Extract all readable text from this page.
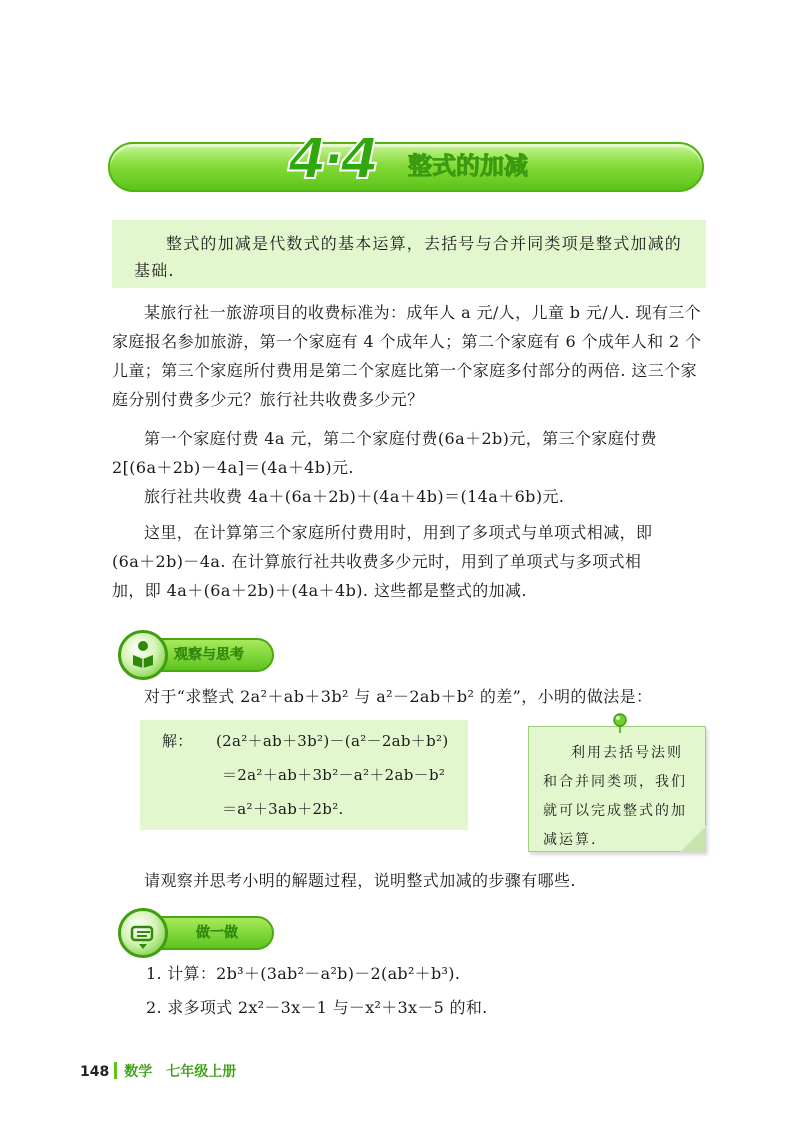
4·4 整式的加减

整式的加减是代数式的基本运算，去括号与合并同类项是整式加减的基础.

某旅行社一旅游项目的收费标准为：成年人 a 元/人，儿童 b 元/人. 现有三个家庭报名参加旅游，第一个家庭有 4 个成年人；第二个家庭有 6 个成年人和 2 个儿童；第三个家庭所付费用是第二个家庭比第一个家庭多付部分的两倍. 这三个家庭分别付费多少元？旅行社共收费多少元？

第一个家庭付费 4a 元，第二个家庭付费(6a＋2b)元，第三个家庭付费

2[(6a＋2b)－4a]＝(4a＋4b)元.

旅行社共收费 4a＋(6a＋2b)＋(4a＋4b)＝(14a＋6b)元.

这里，在计算第三个家庭所付费用时，用到了多项式与单项式相减，即

(6a＋2b)－4a. 在计算旅行社共收费多少元时，用到了单项式与多项式相

加，即 4a＋(6a＋2b)＋(4a＋4b). 这些都是整式的加减.

观察与思考

对于“求整式 2a²＋ab＋3b² 与 a²－2ab＋b² 的差”，小明的做法是：

解： (2a²＋ab＋3b²)－(a²－2ab＋b²)
＝2a²＋ab＋3b²－a²＋2ab－b²
＝a²＋3ab＋2b².

利用去括号法则和合并同类项，我们就可以完成整式的加减运算.

请观察并思考小明的解题过程，说明整式加减的步骤有哪些.

做一做
1. 计算：2b³＋(3ab²－a²b)－2(ab²＋b³).
2. 求多项式 2x²－3x－1 与－x²＋3x－5 的和.
148 数学 七年级上册
